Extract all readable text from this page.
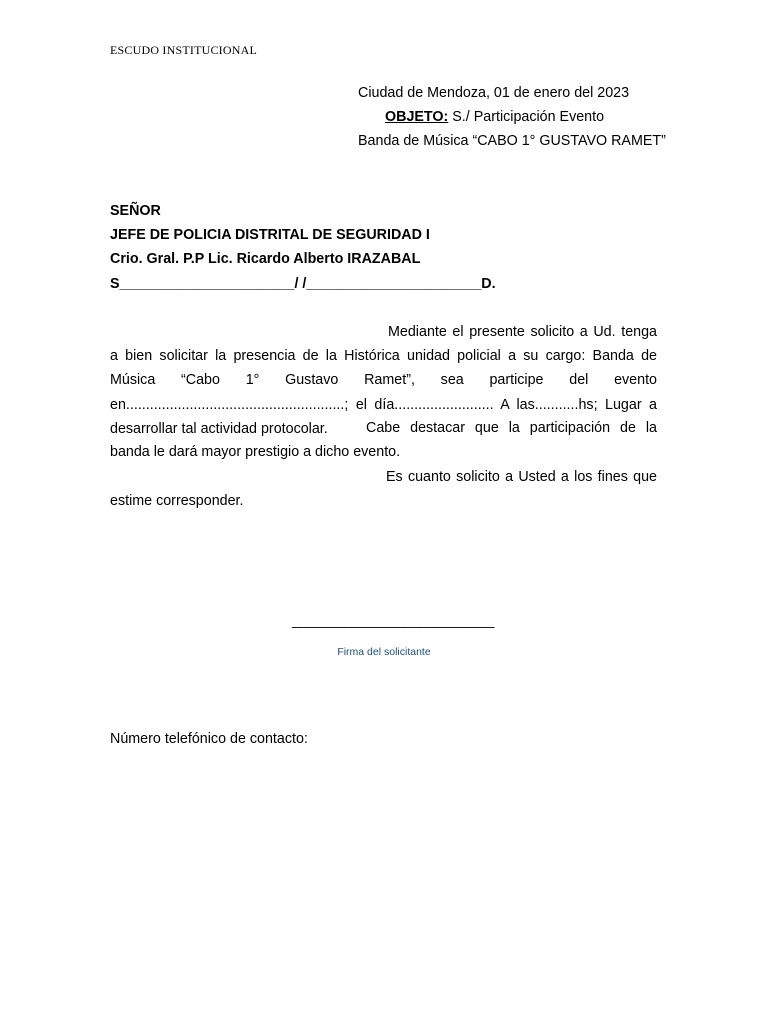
ESCUDO INSTITUCIONAL
Ciudad de Mendoza, 01 de enero del 2023
OBJETO: S./ Participación Evento
Banda de Música “CABO 1° GUSTAVO RAMET”
SEÑOR
JEFE DE POLICIA DISTRITAL DE SEGURIDAD I
Crio. Gral. P.P Lic. Ricardo Alberto IRAZABAL
S______________________/ /______________________D.

Mediante el presente solicito a Ud. tenga a bien solicitar la presencia de la Histórica unidad policial a su cargo: Banda de Música “Cabo 1° Gustavo Ramet”, sea participe del evento en.......................................................; el día......................... A las...........hs; Lugar a desarrollar tal actividad protocolar.	Cabe destacar que la participación de la banda le dará mayor prestigio a dicho evento.

Es cuanto solicito a Usted a los fines que estime corresponder.

___________________________
Firma del solicitante
Número telefónico de contacto:
